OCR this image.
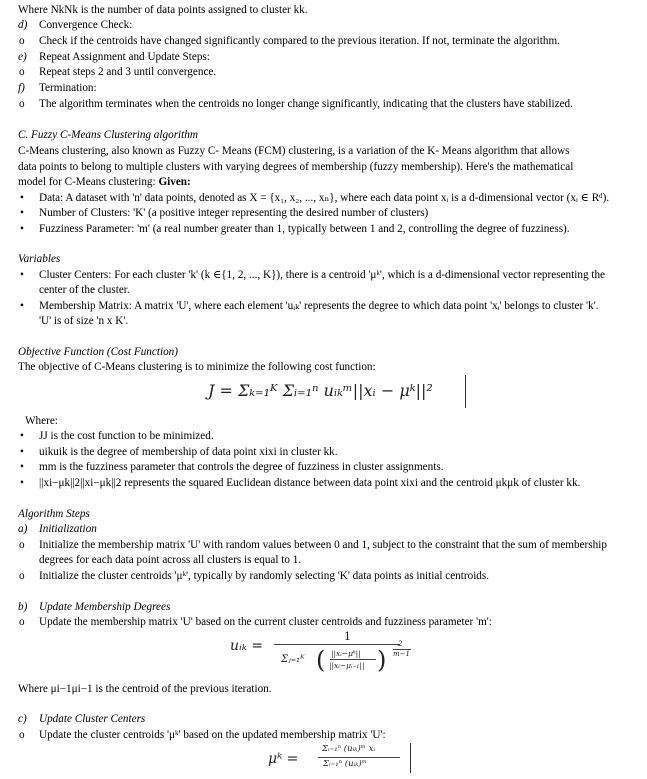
Where NkNk is the number of data points assigned to cluster kk.
d) Convergence Check:
o Check if the centroids have changed significantly compared to the previous iteration. If not, terminate the algorithm.
e) Repeat Assignment and Update Steps:
o Repeat steps 2 and 3 until convergence.
f) Termination:
o The algorithm terminates when the centroids no longer change significantly, indicating that the clusters have stabilized.
C. Fuzzy C-Means Clustering algorithm
C-Means clustering, also known as Fuzzy C- Means (FCM) clustering, is a variation of the K- Means algorithm that allows
data points to belong to multiple clusters with varying degrees of membership (fuzzy membership). Here's the mathematical
model for C-Means clustering: Given:
• Data: A dataset with 'n' data points, denoted as X = {x₁, x₂, ..., xₙ}, where each data point xᵢ is a d-dimensional vector (xᵢ ∈ Rᵈ).
• Number of Clusters: 'K' (a positive integer representing the desired number of clusters)
• Fuzziness Parameter: 'm' (a real number greater than 1, typically between 1 and 2, controlling the degree of fuzziness).
Variables
• Cluster Centers: For each cluster 'k' (k ∈{1, 2, ..., K}), there is a centroid 'μᵏ', which is a d-dimensional vector representing the
center of the cluster.
• Membership Matrix: A matrix 'U', where each element 'uᵢₖ' represents the degree to which data point 'xᵢ' belongs to cluster 'k'.
'U' is of size 'n x K'.
Objective Function (Cost Function)
The objective of C-Means clustering is to minimize the following cost function:
J = Σₖ₌₁ᴷ Σᵢ₌₁ⁿ uᵢₖᵐ||xᵢ − μᵏ||²
Where:
• JJ is the cost function to be minimized.
• uikuik is the degree of membership of data point xixi in cluster kk.
• mm is the fuzziness parameter that controls the degree of fuzziness in cluster assignments.
• ||xi−μk||2||xi−μk||2 represents the squared Euclidean distance between data point xixi and the centroid μkμk of cluster kk.
Algorithm Steps
a) Initialization
o Initialize the membership matrix 'U' with random values between 0 and 1, subject to the constraint that the sum of membership
degrees for each data point across all clusters is equal to 1.
o Initialize the cluster centroids 'μᵏ', typically by randomly selecting 'K' data points as initial centroids.
b) Update Membership Degrees
o Update the membership matrix 'U' based on the current cluster centroids and fuzziness parameter 'm':
uᵢₖ =
1
Σⱼ₌₁ᴷ ( ||xᵢ−μᵏ||
||xᵢ−μᵢ₋₁|| )
2
m−1
Where μi−1μi−1 is the centroid of the previous iteration.
c) Update Cluster Centers
o Update the cluster centroids 'μᵏ' based on the updated membership matrix 'U':
μᵏ =
Σᵢ₌₁ⁿ (uᵢₖ)ᵐ xᵢ
Σᵢ₌₁ⁿ (uᵢₖ)ᵐ
